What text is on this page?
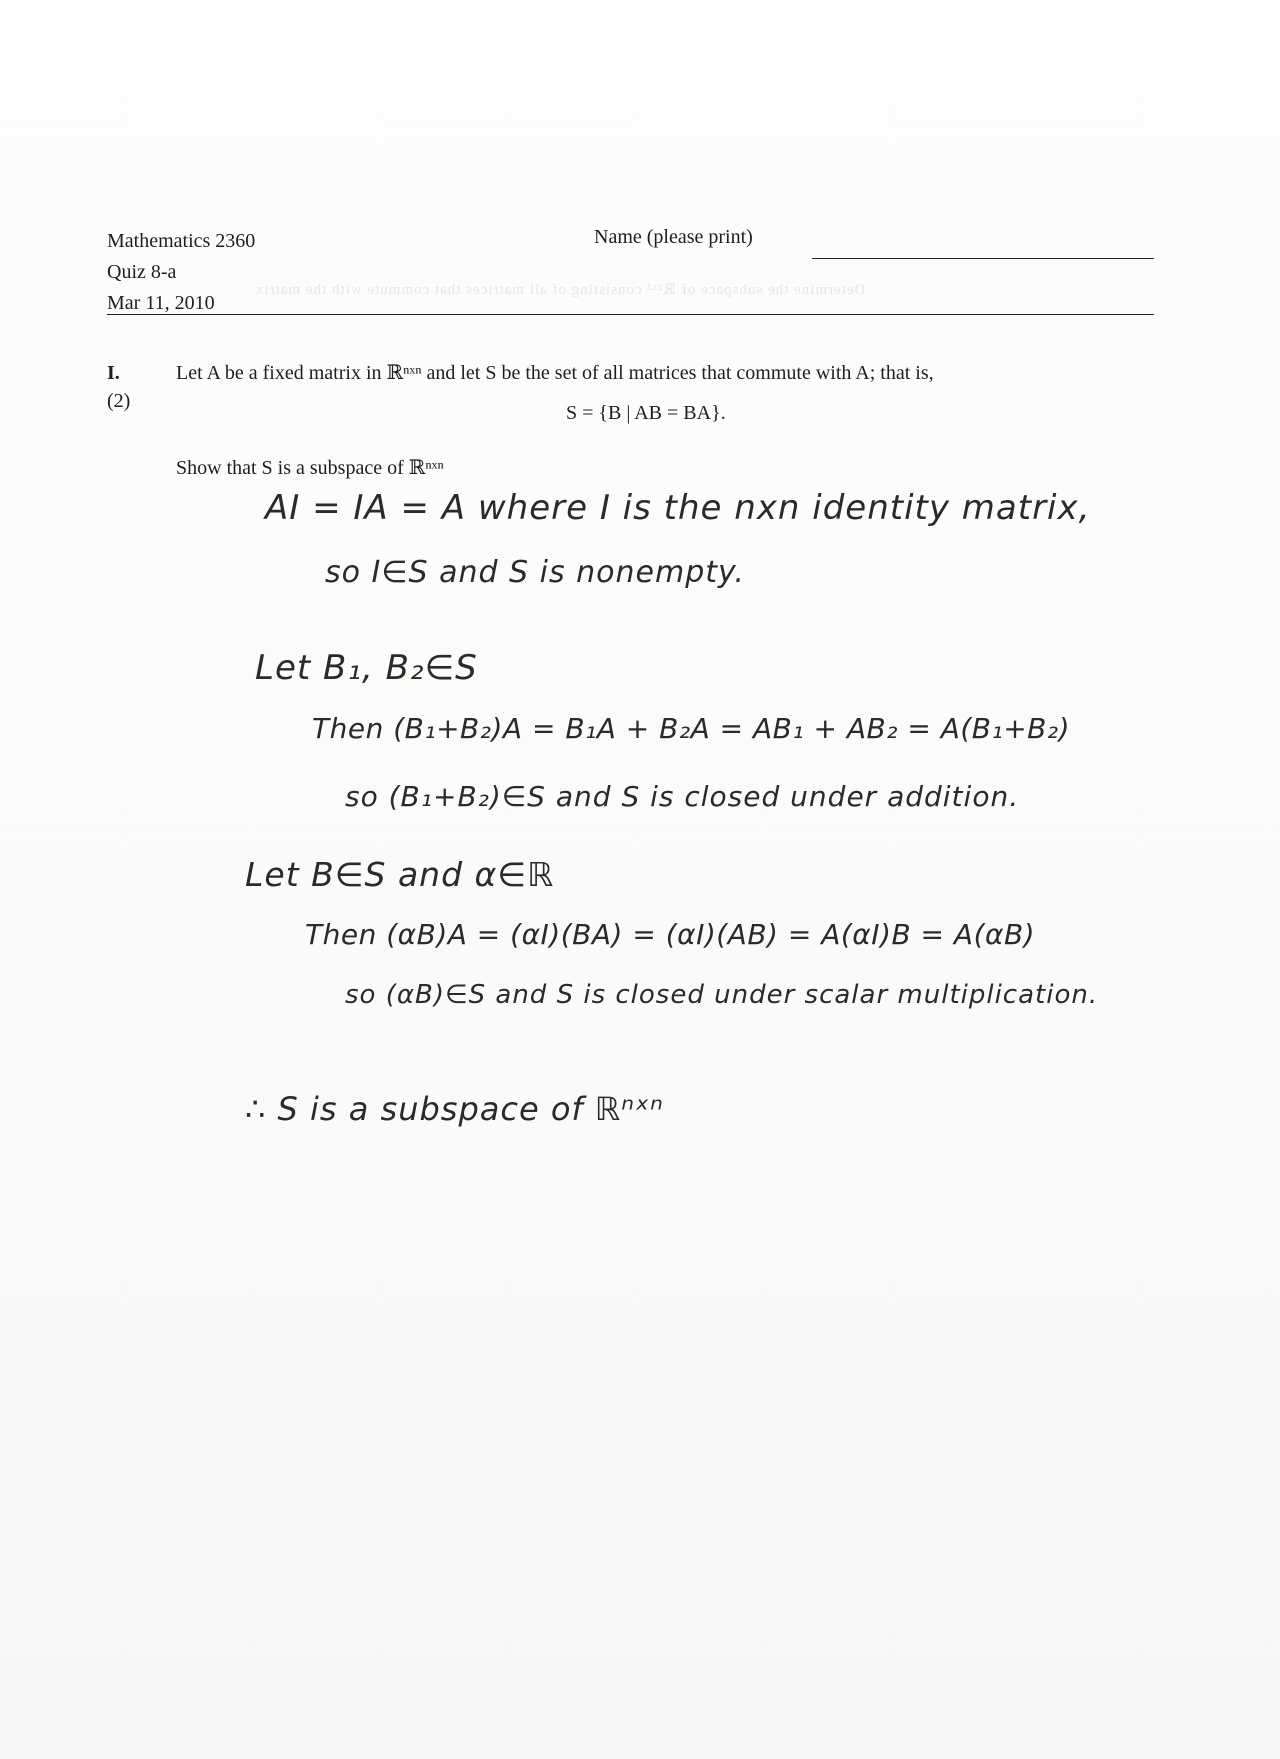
Determine the subspace of ℝ²ˣ² consisting of all matrices that commute with the matrix
Mathematics 2360
Quiz 8-a
Mar 11, 2010
Name (please print)
I.
(2)
Let A be a fixed matrix in ℝⁿˣⁿ and let S be the set of all matrices that commute with A; that is,
S = {B | AB = BA}.
Show that S is a subspace of ℝⁿˣⁿ
AI = IA = A where I is the nxn identity matrix,
so I∈S and S is nonempty.
Let B₁, B₂∈S
Then (B₁+B₂)A = B₁A + B₂A = AB₁ + AB₂ = A(B₁+B₂)
so (B₁+B₂)∈S and S is closed under addition.
Let B∈S and α∈ℝ
Then (αB)A = (αI)(BA) = (αI)(AB) = A(αI)B = A(αB)
so (αB)∈S and S is closed under scalar multiplication.
∴ S is a subspace of ℝⁿˣⁿ
